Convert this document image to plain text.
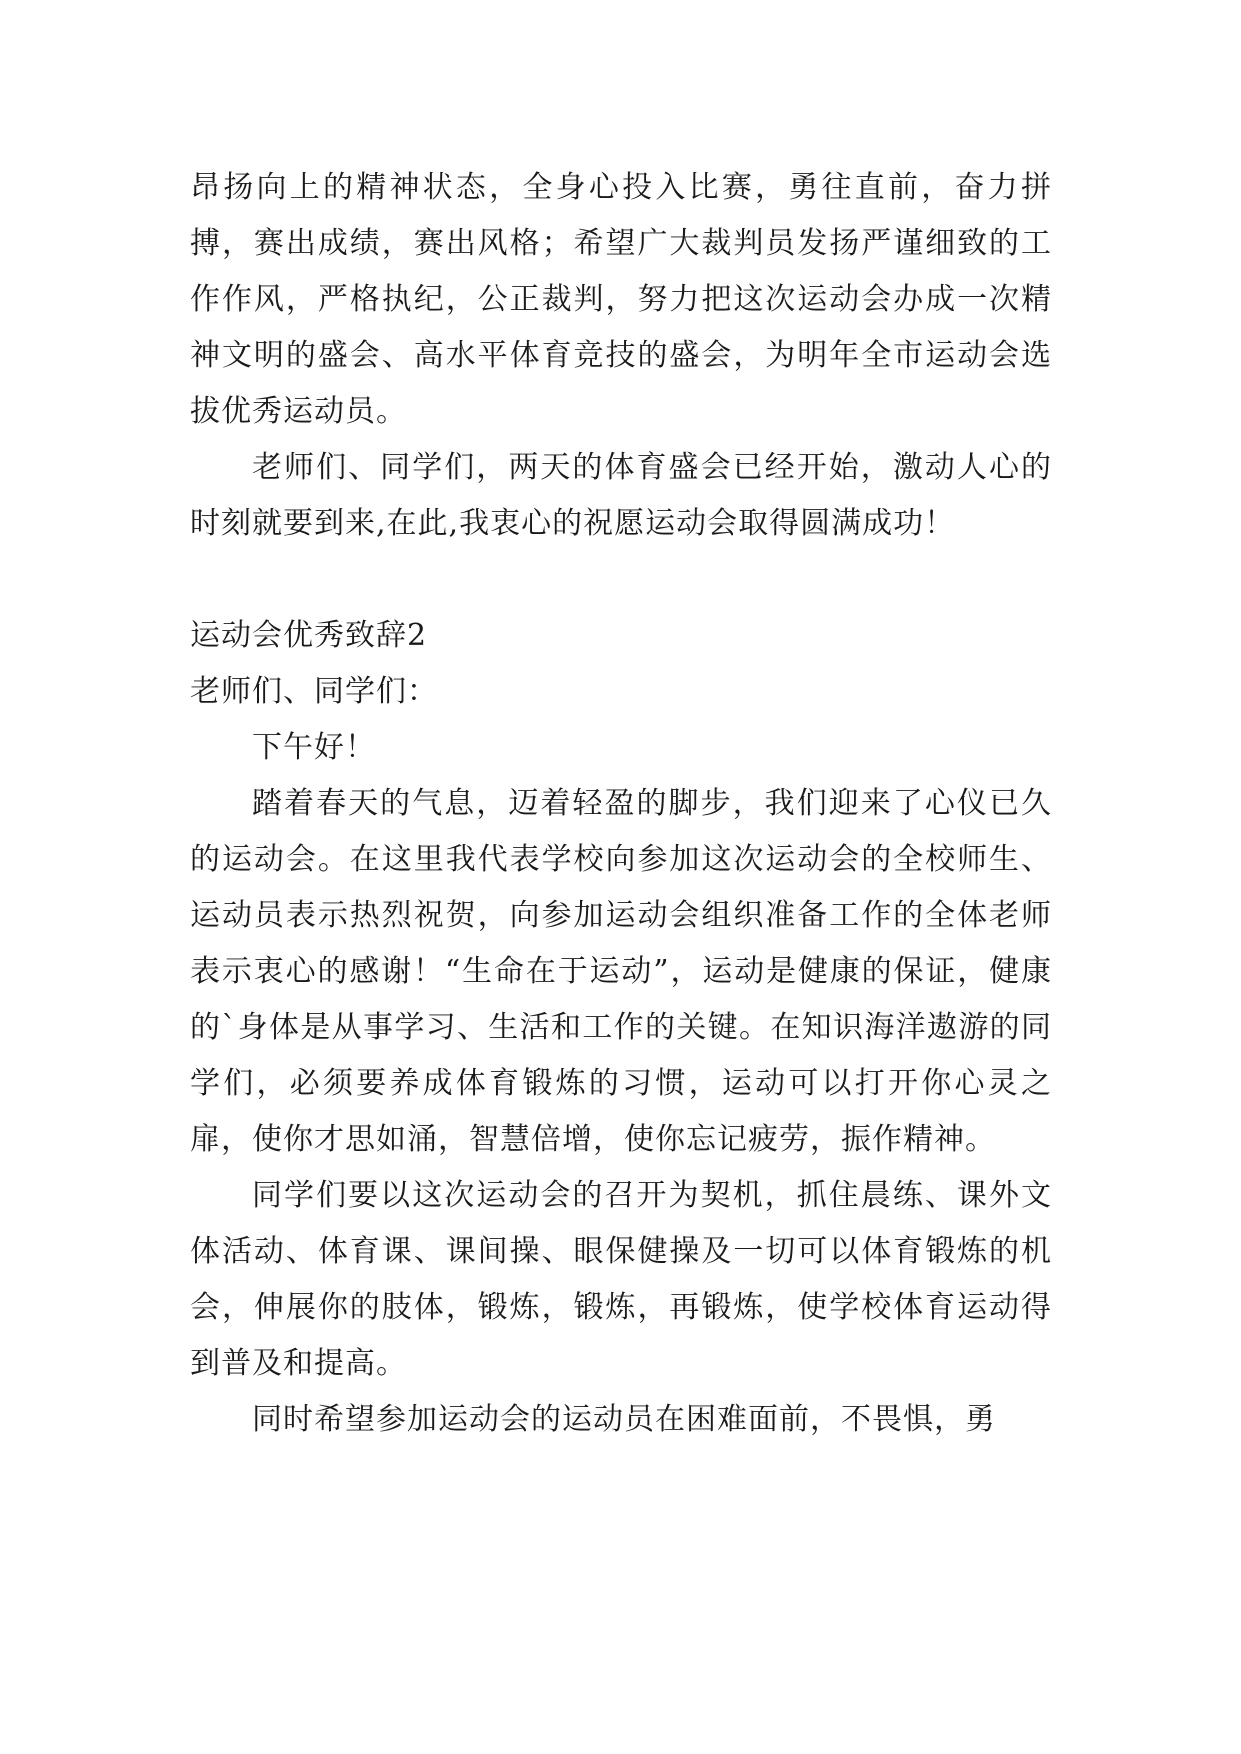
昂扬向上的精神状态，全身心投入比赛，勇往直前，奋力拼搏，赛出成绩，赛出风格；希望广大裁判员发扬严谨细致的工作作风，严格执纪，公正裁判，努力把这次运动会办成一次精神文明的盛会、高水平体育竞技的盛会，为明年全市运动会选拔优秀运动员。

老师们、同学们，两天的体育盛会已经开始，激动人心的时刻就要到来,在此,我衷心的祝愿运动会取得圆满成功！

运动会优秀致辞2

老师们、同学们：

下午好！

踏着春天的气息，迈着轻盈的脚步，我们迎来了心仪已久的运动会。在这里我代表学校向参加这次运动会的全校师生、运动员表示热烈祝贺，向参加运动会组织准备工作的全体老师表示衷心的感谢！“生命在于运动”，运动是健康的保证，健康的`身体是从事学习、生活和工作的关键。在知识海洋遨游的同学们，必须要养成体育锻炼的习惯，运动可以打开你心灵之扉，使你才思如涌，智慧倍增，使你忘记疲劳，振作精神。

同学们要以这次运动会的召开为契机，抓住晨练、课外文体活动、体育课、课间操、眼保健操及一切可以体育锻炼的机会，伸展你的肢体，锻炼，锻炼，再锻炼，使学校体育运动得到普及和提高。

同时希望参加运动会的运动员在困难面前，不畏惧，勇
